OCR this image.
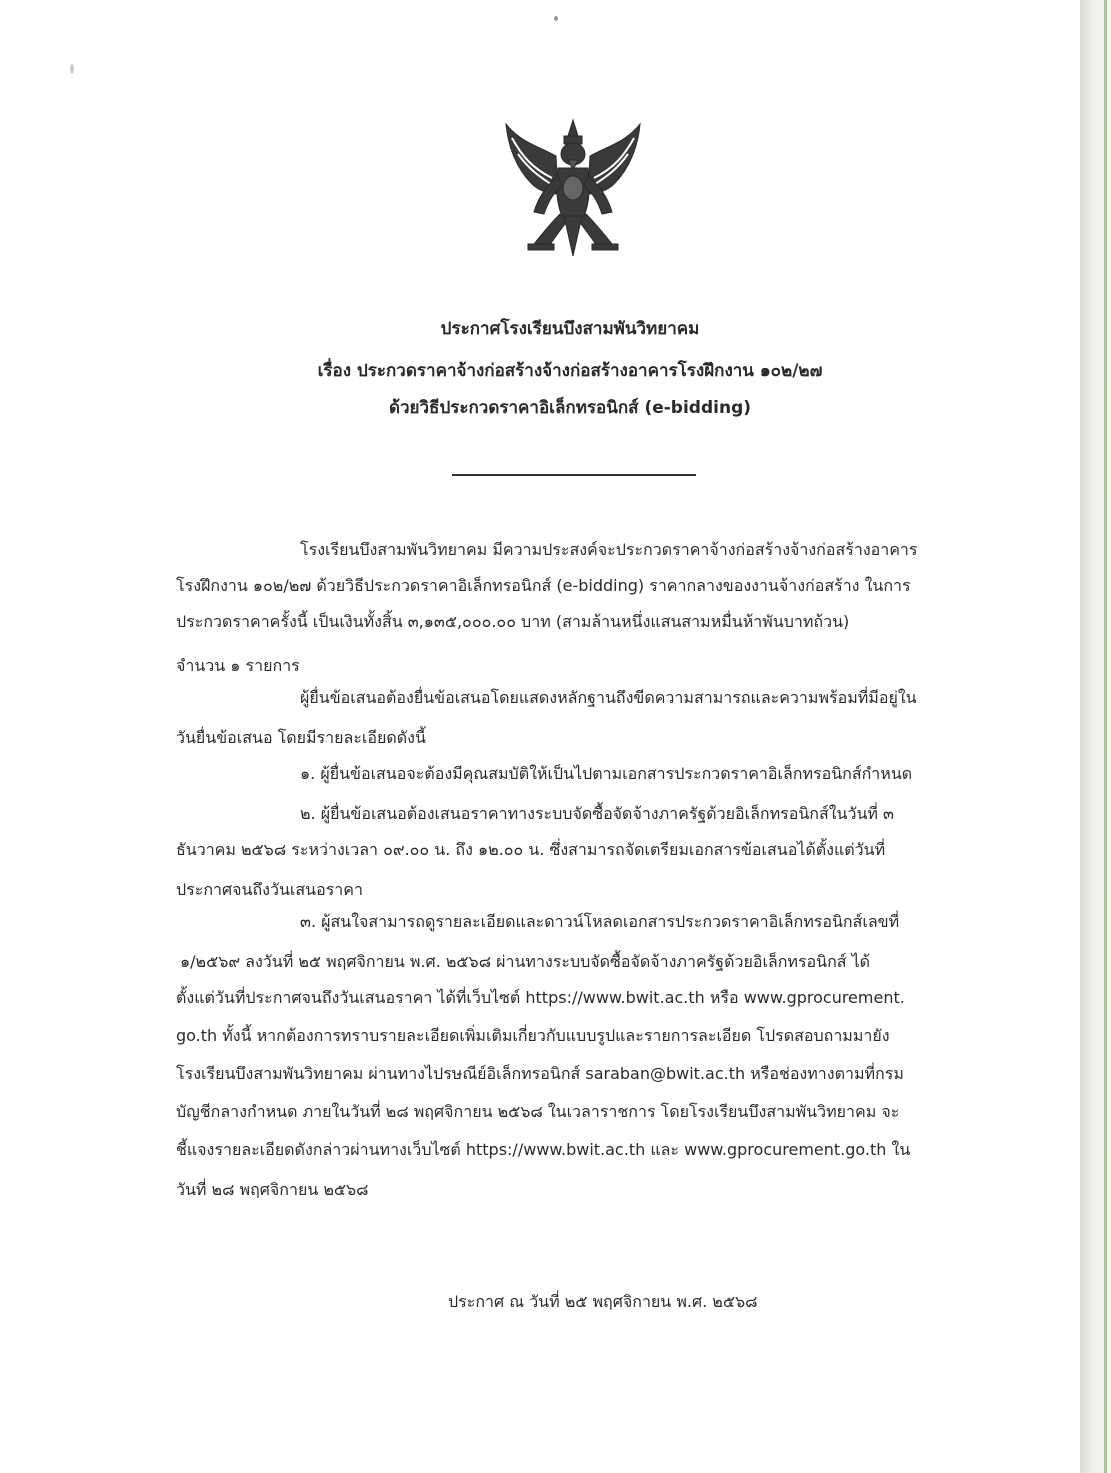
ประกาศโรงเรียนบึงสามพันวิทยาคม
เรื่อง ประกวดราคาจ้างก่อสร้างจ้างก่อสร้างอาคารโรงฝึกงาน ๑๐๒/๒๗
ด้วยวิธีประกวดราคาอิเล็กทรอนิกส์ (e-bidding)
โรงเรียนบึงสามพันวิทยาคม มีความประสงค์จะประกวดราคาจ้างก่อสร้างจ้างก่อสร้างอาคาร
โรงฝึกงาน ๑๐๒/๒๗ ด้วยวิธีประกวดราคาอิเล็กทรอนิกส์ (e-bidding) ราคากลางของงานจ้างก่อสร้าง ในการ
ประกวดราคาครั้งนี้ เป็นเงินทั้งสิ้น ๓,๑๓๕,๐๐๐.๐๐ บาท (สามล้านหนึ่งแสนสามหมื่นห้าพันบาทถ้วน)
จำนวน ๑ รายการ
ผู้ยื่นข้อเสนอต้องยื่นข้อเสนอโดยแสดงหลักฐานถึงขีดความสามารถและความพร้อมที่มีอยู่ใน
วันยื่นข้อเสนอ โดยมีรายละเอียดดังนี้
๑. ผู้ยื่นข้อเสนอจะต้องมีคุณสมบัติให้เป็นไปตามเอกสารประกวดราคาอิเล็กทรอนิกส์กำหนด
๒. ผู้ยื่นข้อเสนอต้องเสนอราคาทางระบบจัดซื้อจัดจ้างภาครัฐด้วยอิเล็กทรอนิกส์ในวันที่ ๓
ธันวาคม ๒๕๖๘ ระหว่างเวลา ๐๙.๐๐ น. ถึง ๑๒.๐๐ น. ซึ่งสามารถจัดเตรียมเอกสารข้อเสนอได้ตั้งแต่วันที่
ประกาศจนถึงวันเสนอราคา
๓. ผู้สนใจสามารถดูรายละเอียดและดาวน์โหลดเอกสารประกวดราคาอิเล็กทรอนิกส์เลขที่
๑/๒๕๖๙ ลงวันที่ ๒๕ พฤศจิกายน พ.ศ. ๒๕๖๘ ผ่านทางระบบจัดซื้อจัดจ้างภาครัฐด้วยอิเล็กทรอนิกส์ ได้
ตั้งแต่วันที่ประกาศจนถึงวันเสนอราคา ได้ที่เว็บไซต์ https://www.bwit.ac.th หรือ www.gprocurement.
go.th ทั้งนี้ หากต้องการทราบรายละเอียดเพิ่มเติมเกี่ยวกับแบบรูปและรายการละเอียด โปรดสอบถามมายัง
โรงเรียนบึงสามพันวิทยาคม ผ่านทางไปรษณีย์อิเล็กทรอนิกส์ saraban@bwit.ac.th หรือช่องทางตามที่กรม
บัญชีกลางกำหนด ภายในวันที่ ๒๘ พฤศจิกายน ๒๕๖๘ ในเวลาราชการ โดยโรงเรียนบึงสามพันวิทยาคม จะ
ชี้แจงรายละเอียดดังกล่าวผ่านทางเว็บไซต์ https://www.bwit.ac.th และ www.gprocurement.go.th ใน
วันที่ ๒๘ พฤศจิกายน ๒๕๖๘
ประกาศ ณ วันที่ ๒๕ พฤศจิกายน พ.ศ. ๒๕๖๘
